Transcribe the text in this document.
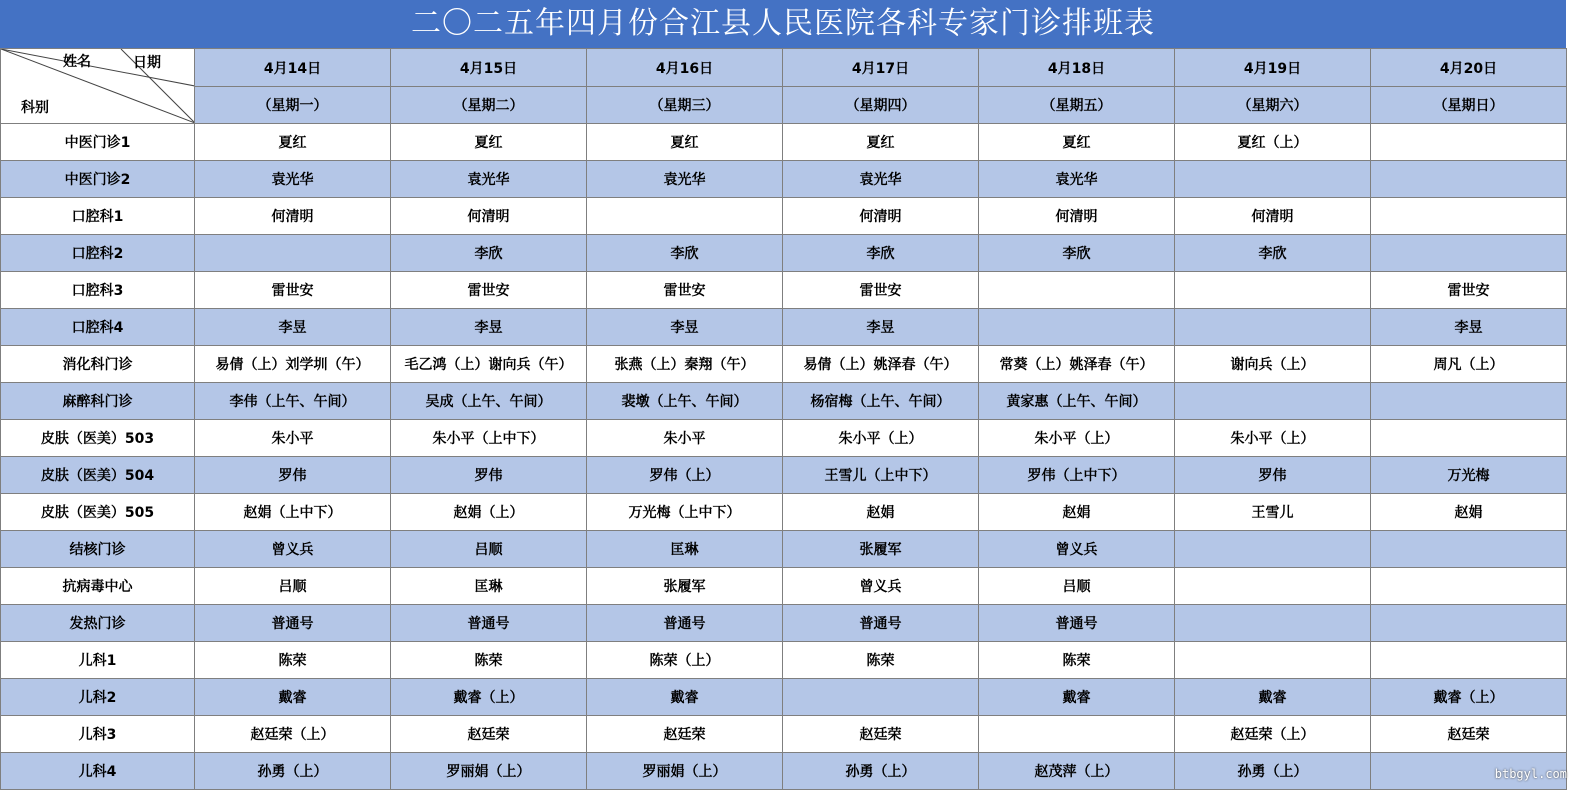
二〇二五年四月份合江县人民医院各科专家门诊排班表
姓名 日期
科别	4月14日	4月15日	4月16日	4月17日	4月18日	4月19日	4月20日
	（星期一）	（星期二）	（星期三）	（星期四）	（星期五）	（星期六）	（星期日）
中医门诊1	夏红	夏红	夏红	夏红	夏红	夏红（上）	
中医门诊2	袁光华	袁光华	袁光华	袁光华	袁光华		
口腔科1	何清明	何清明		何清明	何清明	何清明	
口腔科2		李欣	李欣	李欣	李欣	李欣	
口腔科3	雷世安	雷世安	雷世安	雷世安			雷世安
口腔科4	李昱	李昱	李昱	李昱			李昱
消化科门诊	易倩（上）刘学圳（午）	毛乙鸿（上）谢向兵（午）	张燕（上）秦翔（午）	易倩（上）姚泽春（午）	常葵（上）姚泽春（午）	谢向兵（上）	周凡（上）
麻醉科门诊	李伟（上午、午间）	吴成（上午、午间）	裴墩（上午、午间）	杨宿梅（上午、午间）	黄家惠（上午、午间）		
皮肤（医美）503	朱小平	朱小平（上中下）	朱小平	朱小平（上）	朱小平（上）	朱小平（上）	
皮肤（医美）504	罗伟	罗伟	罗伟（上）	王雪儿（上中下）	罗伟（上中下）	罗伟	万光梅
皮肤（医美）505	赵娟（上中下）	赵娟（上）	万光梅（上中下）	赵娟	赵娟	王雪儿	赵娟
结核门诊	曾义兵	吕顺	匡琳	张履军	曾义兵		
抗病毒中心	吕顺	匡琳	张履军	曾义兵	吕顺		
发热门诊	普通号	普通号	普通号	普通号	普通号		
儿科1	陈荣	陈荣	陈荣（上）	陈荣	陈荣		
儿科2	戴睿	戴睿（上）	戴睿		戴睿	戴睿	戴睿（上）
儿科3	赵廷荣（上）	赵廷荣	赵廷荣	赵廷荣		赵廷荣（上）	赵廷荣
儿科4	孙勇（上）	罗丽娟（上）	罗丽娟（上）	孙勇（上）	赵茂萍（上）	孙勇（上）		btbgyl.com
